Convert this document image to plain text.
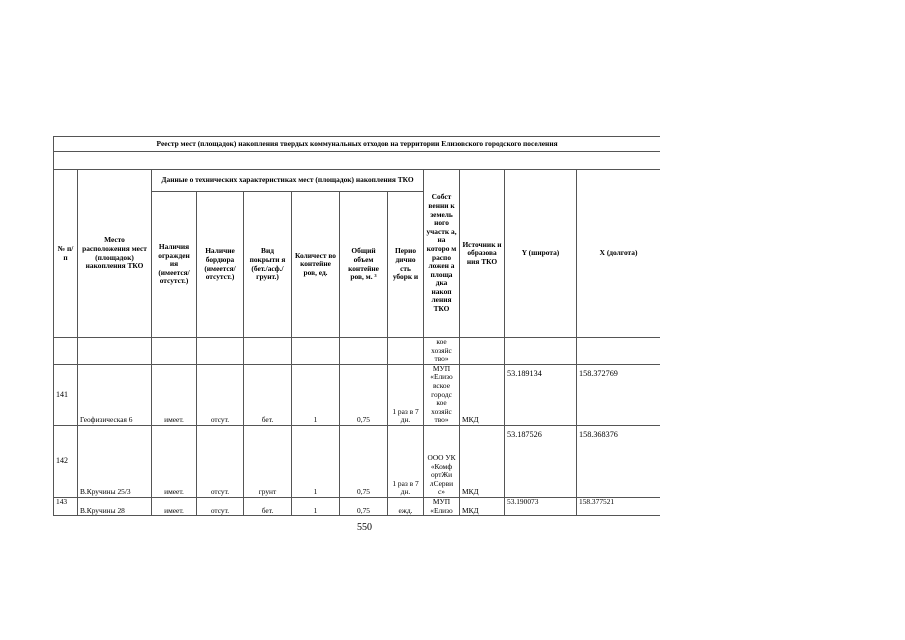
Реестр мест (площадок) накопления твердых коммунальных отходов на территории Елизовского городского поселения											

№ п/п	Место расположения мест (площадок) накопления ТКО	Данные о технических характеристиках мест (площадок) накопления ТКО						Собст венни к земель ного участк а, на которо м распо ложен а площа дка накоп ления ТКО	Источник и образова ния ТКО	Y (широта)	X (долгота)
		Наличия огражден ия (имеется/ отсутст.)	Наличие бордюра (имеется/ отсутст.)	Вид покрыти я (бет./асф./ грунт.)	Количест во контейне ров, ед.	Общий объем контейне ров, м. ³	Перио дично сть уборк и				
								кое хозяйс тво»			
141	Геофизическая 6	имеет.	отсут.	бет.	1	0,75	1 раз в 7 дн.	МУП «Елизо вское городс кое хозяйс тво»	МКД	53.189134	158.372769
142	В.Кручины 25/3	имеет.	отсут.	грунт	1	0,75	1 раз в 7 дн.	ООО УК «Комф ортЖи лСерви с»	МКД	53.187526	158.368376
143	В.Кручины 28	имеет.	отсут.	бет.	1	0,75	ежд.	МУП «Елизо	МКД	53.190073	158.377521
550
